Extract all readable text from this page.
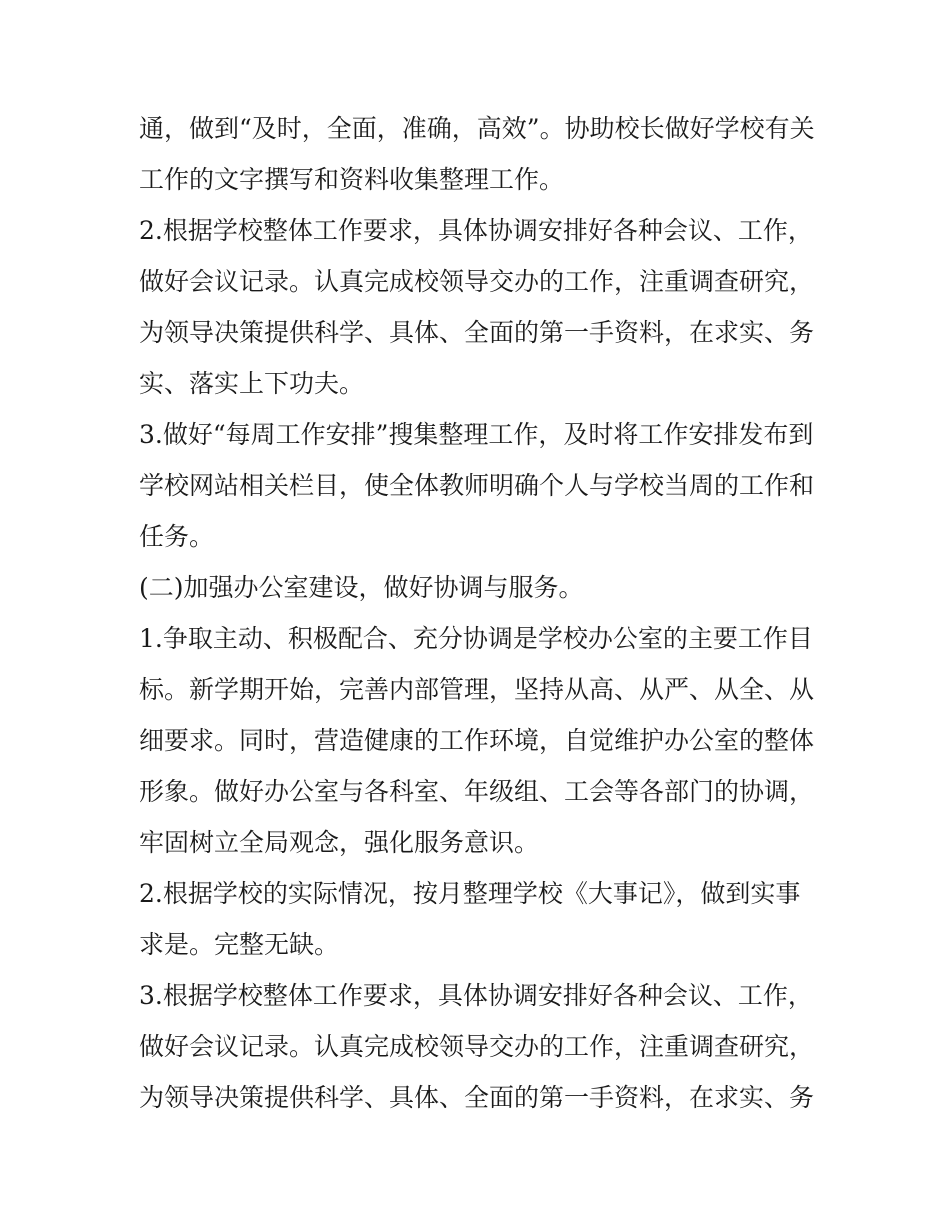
通，做到“及时，全面，准确，高效”。协助校长做好学校有关
工作的文字撰写和资料收集整理工作。
2.根据学校整体工作要求，具体协调安排好各种会议、工作，
做好会议记录。认真完成校领导交办的工作，注重调查研究，
为领导决策提供科学、具体、全面的第一手资料，在求实、务
实、落实上下功夫。
3.做好“每周工作安排”搜集整理工作，及时将工作安排发布到
学校网站相关栏目，使全体教师明确个人与学校当周的工作和
任务。
(二)加强办公室建设，做好协调与服务。
1.争取主动、积极配合、充分协调是学校办公室的主要工作目
标。新学期开始，完善内部管理，坚持从高、从严、从全、从
细要求。同时，营造健康的工作环境，自觉维护办公室的整体
形象。做好办公室与各科室、年级组、工会等各部门的协调，
牢固树立全局观念，强化服务意识。
2.根据学校的实际情况，按月整理学校《大事记》，做到实事
求是。完整无缺。
3.根据学校整体工作要求，具体协调安排好各种会议、工作，
做好会议记录。认真完成校领导交办的工作，注重调查研究，
为领导决策提供科学、具体、全面的第一手资料，在求实、务
